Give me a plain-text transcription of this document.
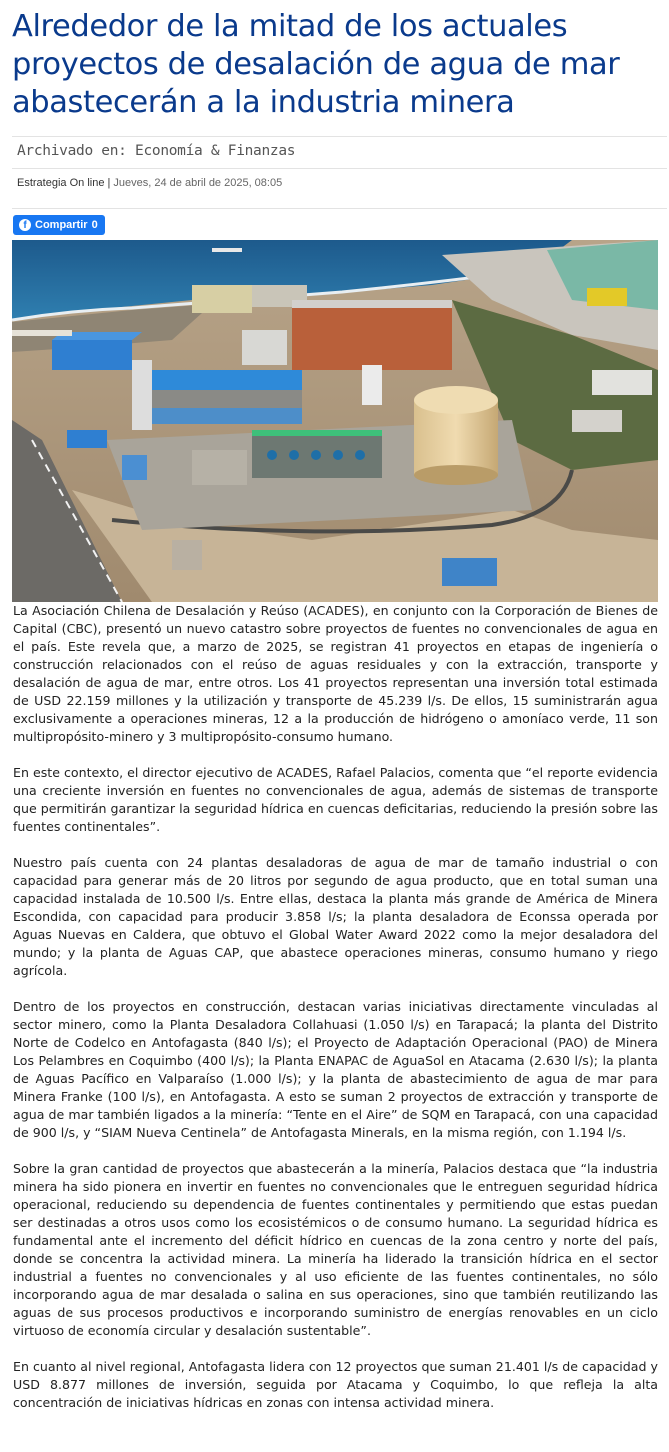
Alrededor de la mitad de los actuales proyectos de desalación de agua de mar abastecerán a la industria minera
Archivado en: Economía & Finanzas
Estrategia On line | Jueves, 24 de abril de 2025, 08:05
f Compartir 0

La Asociación Chilena de Desalación y Reúso (ACADES), en conjunto con la Corporación de Bienes de Capital (CBC), presentó un nuevo catastro sobre proyectos de fuentes no convencionales de agua en el país. Este revela que, a marzo de 2025, se registran 41 proyectos en etapas de ingeniería o construcción relacionados con el reúso de aguas residuales y con la extracción, transporte y desalación de agua de mar, entre otros. Los 41 proyectos representan una inversión total estimada de USD 22.159 millones y la utilización y transporte de 45.239 l/s. De ellos, 15 suministrarán agua exclusivamente a operaciones mineras, 12 a la producción de hidrógeno o amoníaco verde, 11 son multipropósito-minero y 3 multipropósito-consumo humano.

En este contexto, el director ejecutivo de ACADES, Rafael Palacios, comenta que “el reporte evidencia una creciente inversión en fuentes no convencionales de agua, además de sistemas de transporte que permitirán garantizar la seguridad hídrica en cuencas deficitarias, reduciendo la presión sobre las fuentes continentales”.

Nuestro país cuenta con 24 plantas desaladoras de agua de mar de tamaño industrial o con capacidad para generar más de 20 litros por segundo de agua producto, que en total suman una capacidad instalada de 10.500 l/s. Entre ellas, destaca la planta más grande de América de Minera Escondida, con capacidad para producir 3.858 l/s; la planta desaladora de Econssa operada por Aguas Nuevas en Caldera, que obtuvo el Global Water Award 2022 como la mejor desaladora del mundo; y la planta de Aguas CAP, que abastece operaciones mineras, consumo humano y riego agrícola.

Dentro de los proyectos en construcción, destacan varias iniciativas directamente vinculadas al sector minero, como la Planta Desaladora Collahuasi (1.050 l/s) en Tarapacá; la planta del Distrito Norte de Codelco en Antofagasta (840 l/s); el Proyecto de Adaptación Operacional (PAO) de Minera Los Pelambres en Coquimbo (400 l/s); la Planta ENAPAC de AguaSol en Atacama (2.630 l/s); la planta de Aguas Pacífico en Valparaíso (1.000 l/s); y la planta de abastecimiento de agua de mar para Minera Franke (100 l/s), en Antofagasta. A esto se suman 2 proyectos de extracción y transporte de agua de mar también ligados a la minería: “Tente en el Aire” de SQM en Tarapacá, con una capacidad de 900 l/s, y “SIAM Nueva Centinela” de Antofagasta Minerals, en la misma región, con 1.194 l/s.

Sobre la gran cantidad de proyectos que abastecerán a la minería, Palacios destaca que “la industria minera ha sido pionera en invertir en fuentes no convencionales que le entreguen seguridad hídrica operacional, reduciendo su dependencia de fuentes continentales y permitiendo que estas puedan ser destinadas a otros usos como los ecosistémicos o de consumo humano. La seguridad hídrica es fundamental ante el incremento del déficit hídrico en cuencas de la zona centro y norte del país, donde se concentra la actividad minera. La minería ha liderado la transición hídrica en el sector industrial a fuentes no convencionales y al uso eficiente de las fuentes continentales, no sólo incorporando agua de mar desalada o salina en sus operaciones, sino que también reutilizando las aguas de sus procesos productivos e incorporando suministro de energías renovables en un ciclo virtuoso de economía circular y desalación sustentable”.

En cuanto al nivel regional, Antofagasta lidera con 12 proyectos que suman 21.401 l/s de capacidad y USD 8.877 millones de inversión, seguida por Atacama y Coquimbo, lo que refleja la alta concentración de iniciativas hídricas en zonas con intensa actividad minera.
